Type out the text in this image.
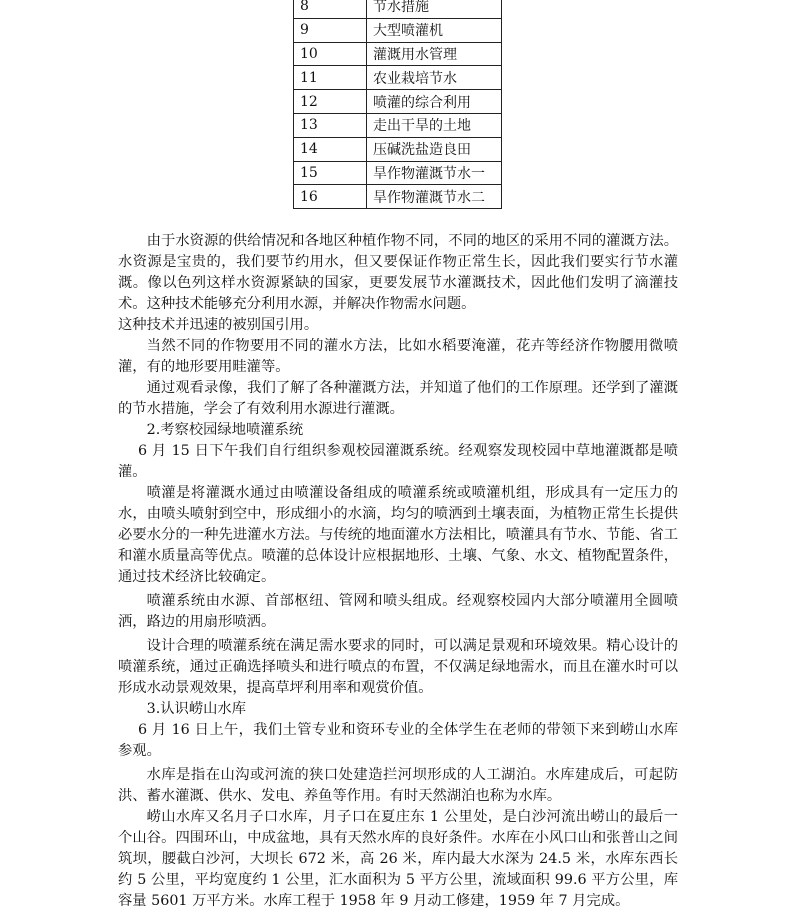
8	节水措施
9	大型喷灌机
10	灌溉用水管理
11	农业栽培节水
12	喷灌的综合利用
13	走出干旱的土地
14	压碱洗盐造良田
15	旱作物灌溉节水一
16	旱作物灌溉节水二

由于水资源的供给情况和各地区种植作物不同，不同的地区的采用不同的灌溉方法。水资源是宝贵的，我们要节约用水，但又要保证作物正常生长，因此我们要实行节水灌溉。像以色列这样水资源紧缺的国家，更要发展节水灌溉技术，因此他们发明了滴灌技术。这种技术能够充分利用水源，并解决作物需水问题。

这种技术并迅速的被别国引用。

当然不同的作物要用不同的灌水方法，比如水稻要淹灌，花卉等经济作物腰用微喷灌，有的地形要用畦灌等。

通过观看录像，我们了解了各种灌溉方法，并知道了他们的工作原理。还学到了灌溉的节水措施，学会了有效利用水源进行灌溉。

2.考察校园绿地喷灌系统

6 月 15 日下午我们自行组织参观校园灌溉系统。经观察发现校园中草地灌溉都是喷灌。

喷灌是将灌溉水通过由喷灌设备组成的喷灌系统或喷灌机组，形成具有一定压力的水，由喷头喷射到空中，形成细小的水滴，均匀的喷洒到土壤表面，为植物正常生长提供必要水分的一种先进灌水方法。与传统的地面灌水方法相比，喷灌具有节水、节能、省工和灌水质量高等优点。喷灌的总体设计应根据地形、土壤、气象、水文、植物配置条件，通过技术经济比较确定。

喷灌系统由水源、首部枢纽、管网和喷头组成。经观察校园内大部分喷灌用全圆喷洒，路边的用扇形喷洒。

设计合理的喷灌系统在满足需水要求的同时，可以满足景观和环境效果。精心设计的喷灌系统，通过正确选择喷头和进行喷点的布置，不仅满足绿地需水，而且在灌水时可以形成水动景观效果，提高草坪利用率和观赏价值。

3.认识崂山水库

6 月 16 日上午，我们土管专业和资环专业的全体学生在老师的带领下来到崂山水库参观。

水库是指在山沟或河流的狭口处建造拦河坝形成的人工湖泊。水库建成后，可起防洪、蓄水灌溉、供水、发电、养鱼等作用。有时天然湖泊也称为水库。

崂山水库又名月子口水库，月子口在夏庄东 1 公里处，是白沙河流出崂山的最后一个山谷。四围环山，中成盆地，具有天然水库的良好条件。水库在小风口山和张普山之间筑坝，腰截白沙河，大坝长 672 米，高 26 米，库内最大水深为 24.5 米，水库东西长约 5 公里，平均宽度约 1 公里，汇水面积为 5 平方公里，流域面积 99.6 平方公里，库容量 5601 万平方米。水库工程于 1958 年 9 月动工修建，1959 年 7 月完成。
